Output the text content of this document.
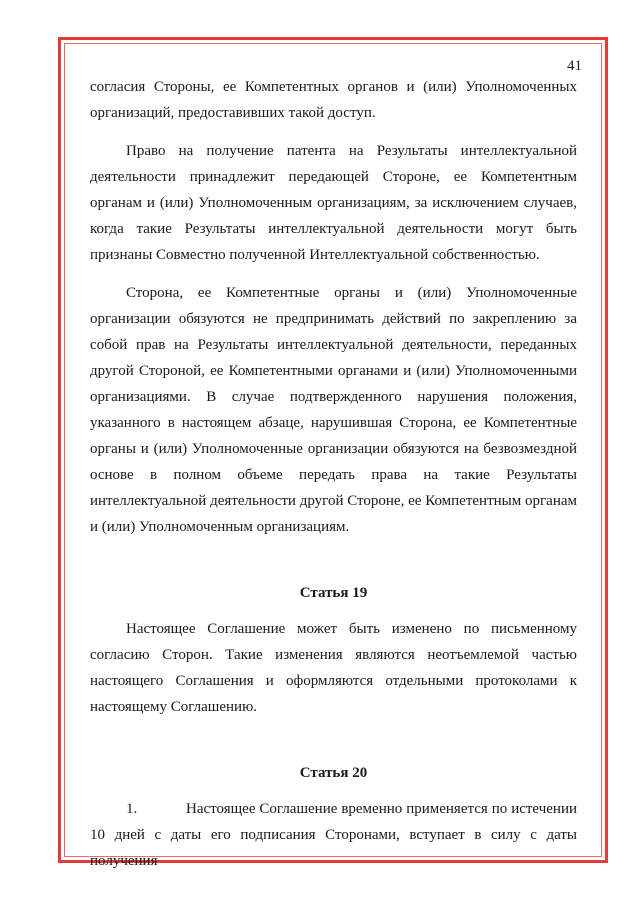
41

согласия Стороны, ее Компетентных органов и (или) Уполномоченных организаций, предоставивших такой доступ.

Право на получение патента на Результаты интеллектуальной деятельности принадлежит передающей Стороне, ее Компетентным органам и (или) Уполномоченным организациям, за исключением случаев, когда такие Результаты интеллектуальной деятельности могут быть признаны Совместно полученной Интеллектуальной собственностью.

Сторона, ее Компетентные органы и (или) Уполномоченные организации обязуются не предпринимать действий по закреплению за собой прав на Результаты интеллектуальной деятельности, переданных другой Стороной, ее Компетентными органами и (или) Уполномоченными организациями. В случае подтвержденного нарушения положения, указанного в настоящем абзаце, нарушившая Сторона, ее Компетентные органы и (или) Уполномоченные организации обязуются на безвозмездной основе в полном объеме передать права на такие Результаты интеллектуальной деятельности другой Стороне, ее Компетентным органам и (или) Уполномоченным организациям.

Статья 19

Настоящее Соглашение может быть изменено по письменному согласию Сторон. Такие изменения являются неотъемлемой частью настоящего Соглашения и оформляются отдельными протоколами к настоящему Соглашению.

Статья 20

1.	Настоящее Соглашение временно применяется по истечении 10 дней с даты его подписания Сторонами, вступает в силу с даты получения
